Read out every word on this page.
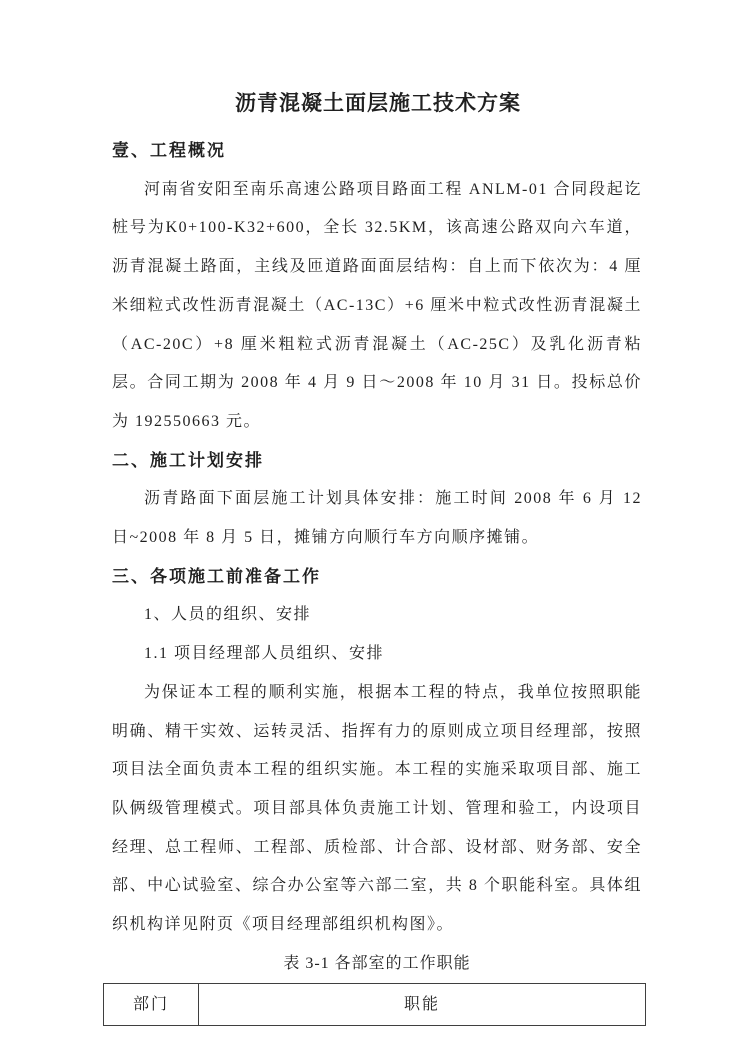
沥青混凝土面层施工技术方案
壹、工程概况

河南省安阳至南乐高速公路项目路面工程 ANLM-01 合同段起讫桩号为K0+100-K32+600，全长 32.5KM，该高速公路双向六车道，沥青混凝土路面，主线及匝道路面面层结构：自上而下依次为：4 厘米细粒式改性沥青混凝土（AC-13C）+6 厘米中粒式改性沥青混凝土（AC-20C）+8 厘米粗粒式沥青混凝土（AC-25C）及乳化沥青粘层。合同工期为 2008 年 4 月 9 日～2008 年 10 月 31 日。投标总价为 192550663 元。

二、施工计划安排

沥青路面下面层施工计划具体安排：施工时间 2008 年 6 月 12 日~2008 年 8 月 5 日，摊铺方向顺行车方向顺序摊铺。

三、各项施工前准备工作

1、人员的组织、安排

1.1 项目经理部人员组织、安排

为保证本工程的顺利实施，根据本工程的特点，我单位按照职能明确、精干实效、运转灵活、指挥有力的原则成立项目经理部，按照项目法全面负责本工程的组织实施。本工程的实施采取项目部、施工队俩级管理模式。项目部具体负责施工计划、管理和验工，内设项目经理、总工程师、工程部、质检部、计合部、设材部、财务部、安全部、中心试验室、综合办公室等六部二室，共 8 个职能科室。具体组织机构详见附页《项目经理部组织机构图》。

表 3-1 各部室的工作职能
部门	职能
